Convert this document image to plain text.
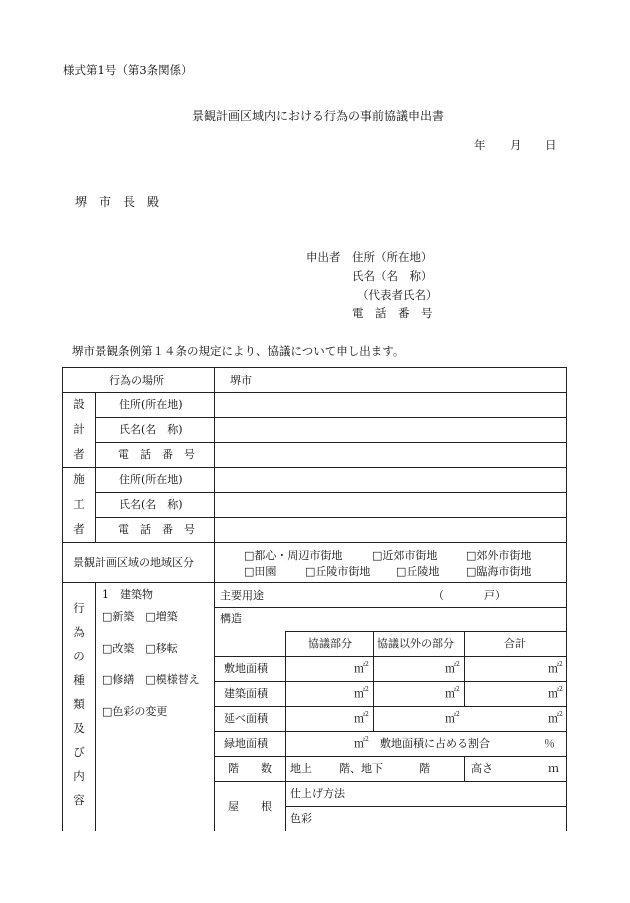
様式第1号（第3条関係）
景観計画区域内における行為の事前協議申出書
年 月 日
堺　市　長　殿
申出者 住所（所在地）
氏名（名　称）
（代表者氏名）
電　話　番　号
堺市景観条例第１４条の規定により、協議について申し出ます。
行為の場所	堺市
設
計
者
住所(所在地)
氏名(名　称)
電　話　番　号
施
工
者
住所(所在地)
氏名(名　称)
電　話　番　号
景観計画区域の地域区分
□都心・周辺市街地	□近郊市街地	□郊外市街地
□田園	□丘陵市街地 □丘陵地 □臨海市街地
行
為
の
種
類
及
び
内
容
1　建築物
□新築　□増築
□改築　□移転
□修繕　□模様替え
□色彩の変更
主要用途	（	戸）
構造
協議部分 協議以外の部分	合計
敷地面積	㎡$^2$	㎡$^2$	㎡$^2$
建築面積	㎡$^2$	㎡$^2$	㎡$^2$
延べ面積	㎡$^2$	㎡$^2$	㎡$^2$
緑地面積	㎡$^2$ 敷地面積に占める割合	％
階　　数 地上 階、地下	階	高さ	ｍ
屋　　根
仕上げ方法
色彩
